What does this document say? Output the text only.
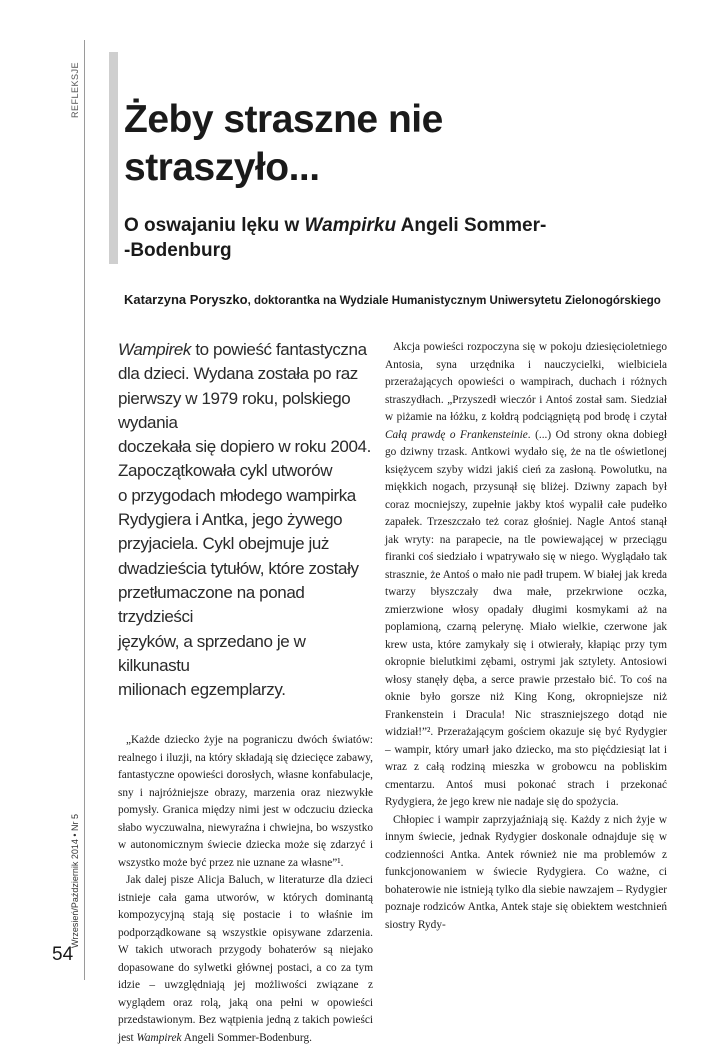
REFLEKSJE
Wrzesień/Październik 2014 • Nr 5
54
Żeby straszne nie
straszyło...
O oswajaniu lęku w Wampirku Angeli Sommer-
-Bodenburg
Katarzyna Poryszko, doktorantka na Wydziale Humanistycznym Uniwersytetu Zielonogórskiego

Wampirek to powieść fantastyczna
dla dzieci. Wydana została po raz
pierwszy w 1979 roku, polskiego wydania
doczekała się dopiero w roku 2004.
Zapoczątkowała cykl utworów
o przygodach młodego wampirka
Rydygiera i Antka, jego żywego
przyjaciela. Cykl obejmuje już
dwadzieścia tytułów, które zostały
przetłumaczone na ponad trzydzieści
języków, a sprzedano je w kilkunastu
milionach egzemplarzy.

„Każde dziecko żyje na pograniczu dwóch światów: realnego i iluzji, na który składają się dziecięce zabawy, fantastyczne opowieści dorosłych, własne konfabulacje, sny i najróżniejsze obrazy, marzenia oraz niezwykłe pomysły. Granica między nimi jest w odczuciu dziecka słabo wyczuwalna, niewyraźna i chwiejna, bo wszystko w autonomicznym świecie dziecka może się zdarzyć i wszystko może być przez nie uznane za własne”¹.

Jak dalej pisze Alicja Baluch, w literaturze dla dzieci istnieje cała gama utworów, w których dominantą kompozycyjną stają się postacie i to właśnie im podporządkowane są wszystkie opisywane zdarzenia. W takich utworach przygody bohaterów są niejako dopasowane do sylwetki głównej postaci, a co za tym idzie – uwzględniają jej możliwości związane z wyglądem oraz rolą, jaką ona pełni w opowieści przedstawionym. Bez wątpienia jedną z takich powieści jest Wampirek Angeli Sommer-Bodenburg.

Akcja powieści rozpoczyna się w pokoju dziesięcioletniego Antosia, syna urzędnika i nauczycielki, wielbiciela przerażających opowieści o wampirach, duchach i różnych straszydłach. „Przyszedł wieczór i Antoś został sam. Siedział w piżamie na łóżku, z kołdrą podciągniętą pod brodę i czytał Całą prawdę o Frankensteinie. (...) Od strony okna dobiegł go dziwny trzask. Antkowi wydało się, że na tle oświetlonej księżycem szyby widzi jakiś cień za zasłoną. Powolutku, na miękkich nogach, przysunął się bliżej. Dziwny zapach był coraz mocniejszy, zupełnie jakby ktoś wypalił całe pudełko zapałek. Trzeszczało też coraz głośniej. Nagle Antoś stanął jak wryty: na parapecie, na tle powiewającej w przeciągu firanki coś siedziało i wpatrywało się w niego. Wyglądało tak strasznie, że Antoś o mało nie padł trupem. W białej jak kreda twarzy błyszczały dwa małe, przekrwione oczka, zmierzwione włosy opadały długimi kosmykami aż na poplamioną, czarną pelerynę. Miało wielkie, czerwone jak krew usta, które zamykały się i otwierały, kłapiąc przy tym okropnie bielutkimi zębami, ostrymi jak sztylety. Antosiowi włosy stanęły dęba, a serce prawie przestało bić. To coś na oknie było gorsze niż King Kong, okropniejsze niż Frankenstein i Dracula! Nic straszniejszego dotąd nie widział!”². Przerażającym gościem okazuje się być Rydygier – wampir, który umarł jako dziecko, ma sto pięćdziesiąt lat i wraz z całą rodziną mieszka w grobowcu na pobliskim cmentarzu. Antoś musi pokonać strach i przekonać Rydygiera, że jego krew nie nadaje się do spożycia.

Chłopiec i wampir zaprzyjaźniają się. Każdy z nich żyje w innym świecie, jednak Rydygier doskonale odnajduje się w codzienności Antka. Antek również nie ma problemów z funkcjonowaniem w świecie Rydygiera. Co ważne, ci bohaterowie nie istnieją tylko dla siebie nawzajem – Rydygier poznaje rodziców Antka, Antek staje się obiektem westchnień siostry Rydy-
